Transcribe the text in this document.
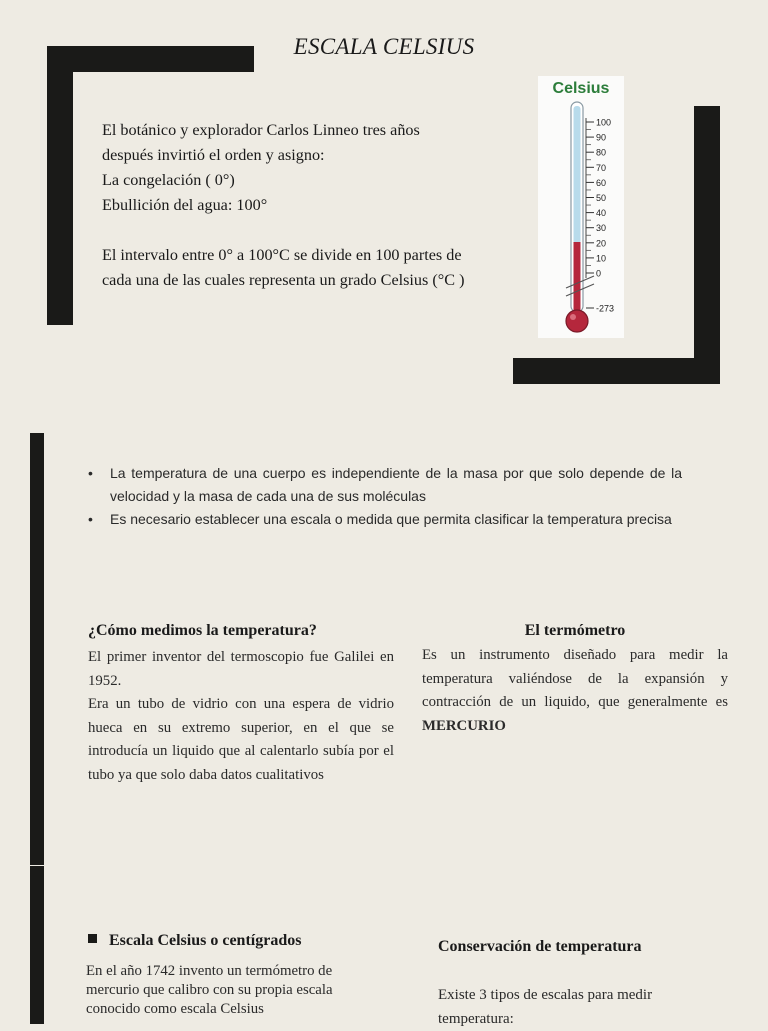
ESCALA CELSIUS

El botánico y explorador Carlos Linneo tres años

después invirtió el orden y asigno:

La congelación ( 0°)

Ebullición del agua: 100°

El intervalo entre 0° a 100°C se divide en 100 partes de cada una de las cuales representa un grado Celsius (°C )

Celsius
100
90
80
70
60
50
40
30
20
10
0
-273
• La temperatura de una cuerpo es independiente de la masa por que solo depende de la velocidad y la masa de cada una de sus moléculas
• Es necesario establecer una escala o medida que permita clasificar la temperatura precisa
¿Cómo medimos la temperatura?

El primer inventor del termoscopio fue Galilei en 1952.

Era un tubo de vidrio con una espera de vidrio hueca en su extremo superior, en el que se introducía un liquido que al calentarlo subía por el tubo ya que solo daba datos cualitativos

El termómetro

Es un instrumento diseñado para medir la temperatura valiéndose de la expansión y contracción de un liquido, que generalmente es MERCURIO

Escala Celsius o centígrados

En el año 1742 invento un termómetro de

mercurio que calibro con su propia escala

conocido como escala Celsius

Conservación de temperatura

Existe 3 tipos de escalas para medir

temperatura:
